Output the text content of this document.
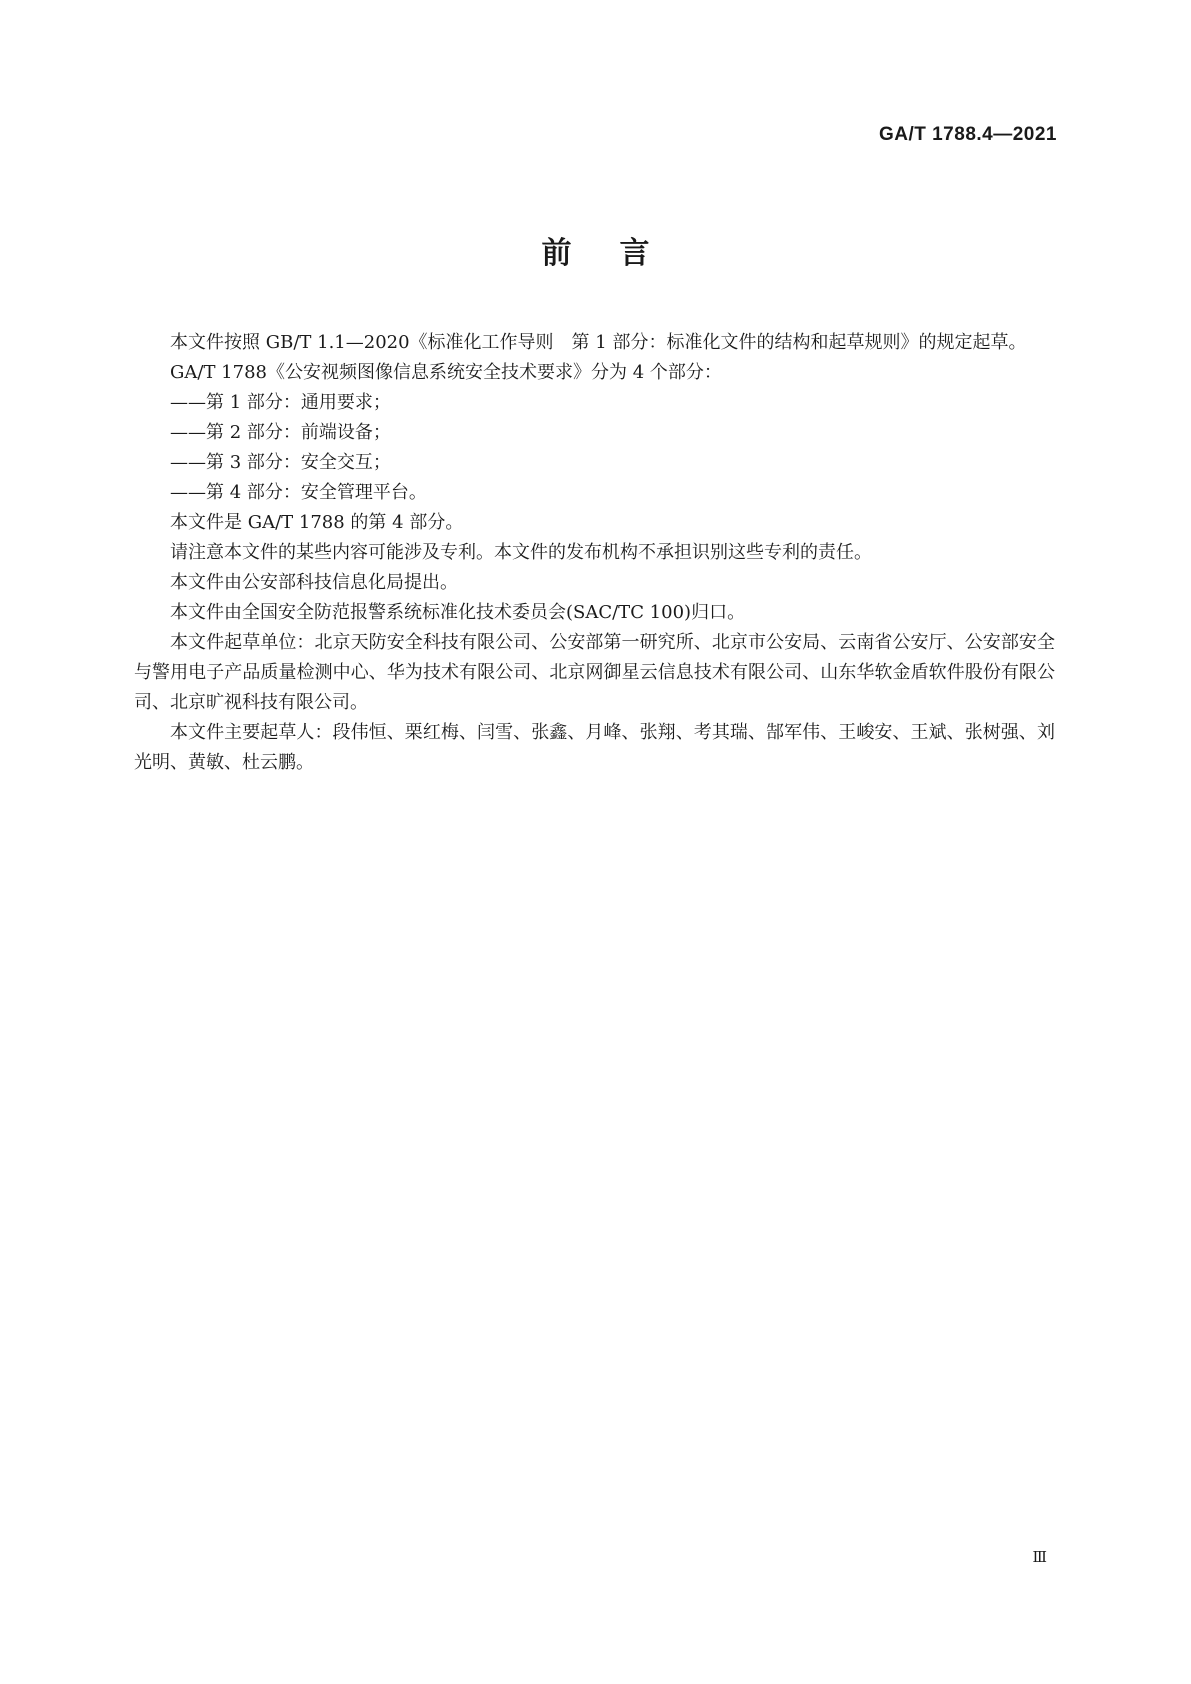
GA/T 1788.4—2021
前 言

本文件按照 GB/T 1.1—2020《标准化工作导则　第 1 部分：标准化文件的结构和起草规则》的规定起草。

GA/T 1788《公安视频图像信息系统安全技术要求》分为 4 个部分：

——第 1 部分：通用要求；

——第 2 部分：前端设备；

——第 3 部分：安全交互；

——第 4 部分：安全管理平台。

本文件是 GA/T 1788 的第 4 部分。

请注意本文件的某些内容可能涉及专利。本文件的发布机构不承担识别这些专利的责任。

本文件由公安部科技信息化局提出。

本文件由全国安全防范报警系统标准化技术委员会(SAC/TC 100)归口。

本文件起草单位：北京天防安全科技有限公司、公安部第一研究所、北京市公安局、云南省公安厅、公安部安全与警用电子产品质量检测中心、华为技术有限公司、北京网御星云信息技术有限公司、山东华软金盾软件股份有限公司、北京旷视科技有限公司。

本文件主要起草人：段伟恒、栗红梅、闫雪、张鑫、月峰、张翔、考其瑞、郜军伟、王峻安、王斌、张树强、刘光明、黄敏、杜云鹏。

Ⅲ
